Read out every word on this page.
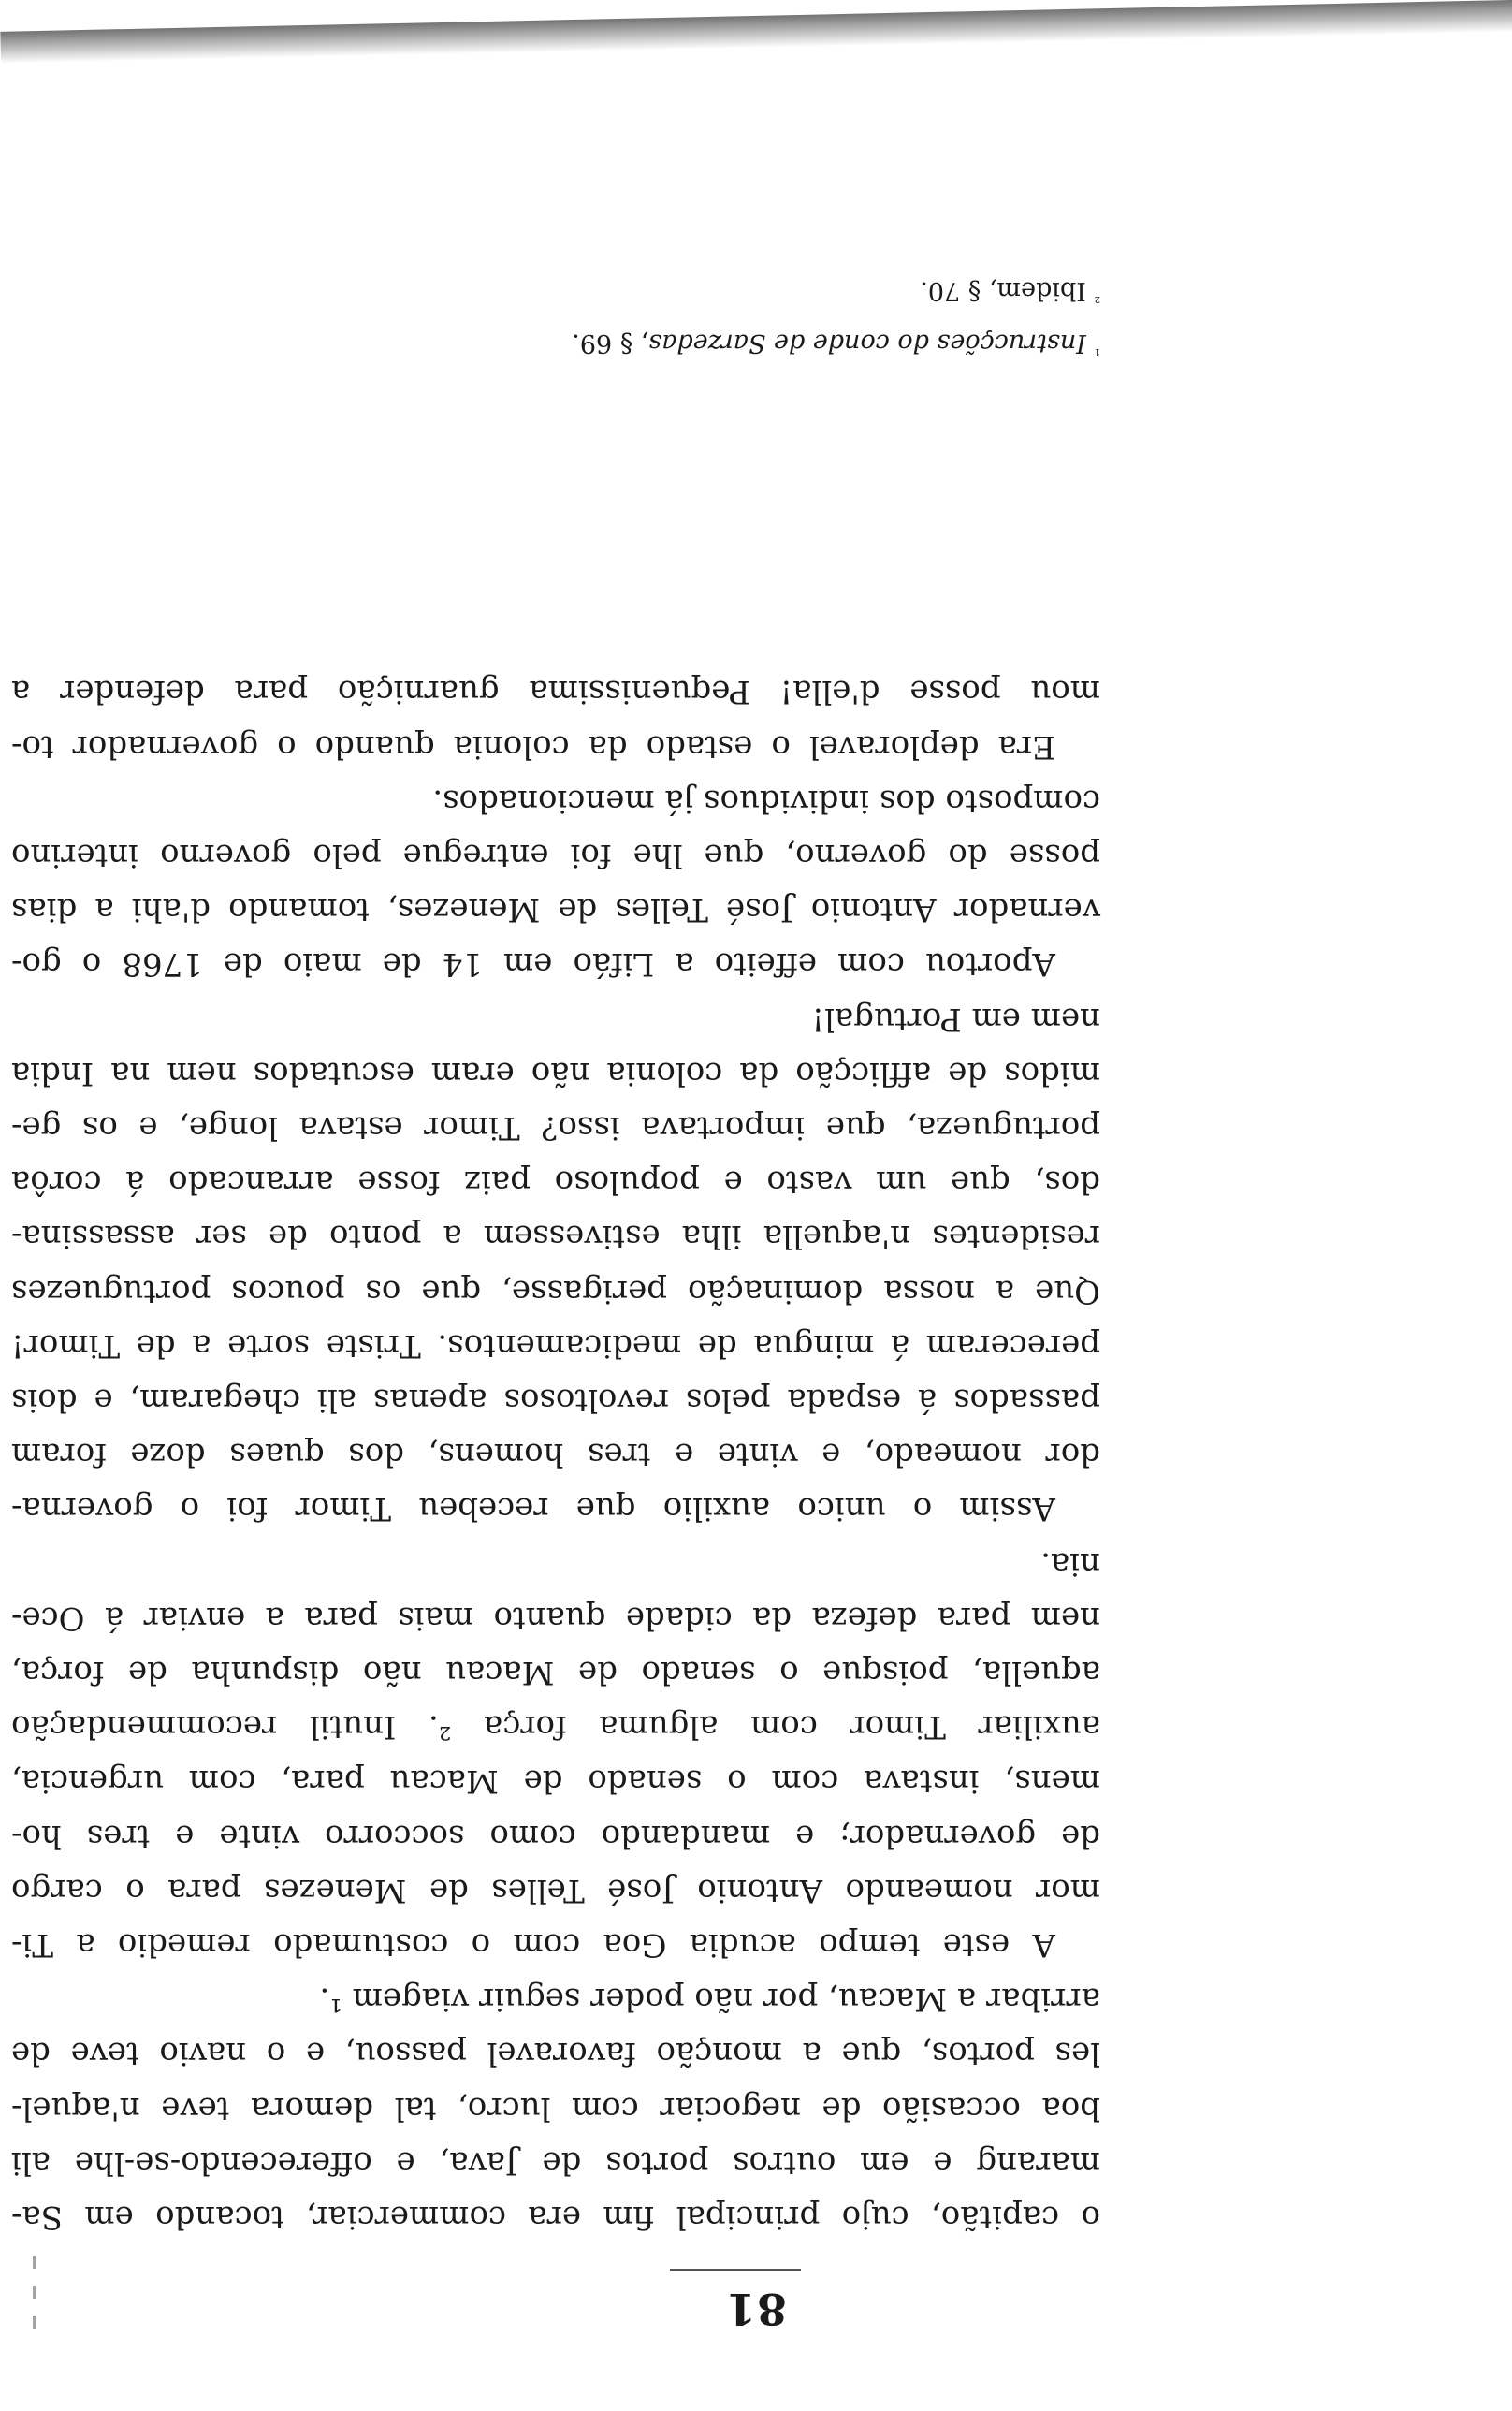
81
o capitão, cujo principal fim era commerciar, tocando em Sa-
marang e em outros portos de Java, e offerecendo-se-lhe ali
boa occasião de negociar com lucro, tal demora teve n'aquel-
les portos, que a monção favoravel passou, e o navio teve de
arribar a Macau, por não poder seguir viagem ¹.
A este tempo acudia Goa com o costumado remedio a Ti-
mor nomeando Antonio José Telles de Menezes para o cargo
de governador; e mandando como soccorro vinte e tres ho-
mens, instava com o senado de Macau para, com urgencia,
auxiliar Timor com alguma força ². Inutil recommendação
aquella, poisque o senado de Macau não dispunha de força,
nem para defeza da cidade quanto mais para a enviar á Oce-
nia.
Assim o unico auxilio que recebeu Timor foi o governa-
dor nomeado, e vinte e tres homens, dos quaes doze foram
passados á espada pelos revoltosos apenas ali chegaram, e dois
pereceram á mingua de medicamentos. Triste sorte a de Timor!
Que a nossa dominação perigasse, que os poucos portuguezes
residentes n'aquella ilha estivessem a ponto de ser assassina-
dos, que um vasto e populoso paiz fosse arrancado á corôa
portugueza, que importava isso? Timor estava longe, e os ge-
midos de afflicção da colonia não eram escutados nem na India
nem em Portugal!
Aportou com effeito a Lifáo em 14 de maio de 1768 o go-
vernador Antonio José Telles de Menezes, tomando d'ahi a dias
posse do governo, que lhe foi entregue pelo governo interino
composto dos individuos já mencionados.
Era deploravel o estado da colonia quando o governador to-
mou posse d'ella! Pequenissima guarnição para defender a
$^{^1}$ Instrucções do conde de Sarzedas, § 69.
$^{^2}$ Ibidem, § 70.
